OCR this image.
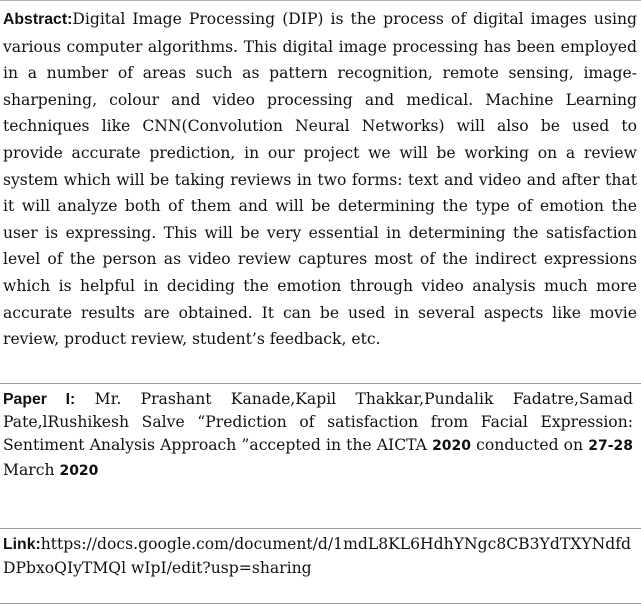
Abstract:Digital Image Processing (DIP) is the process of digital images using various computer algorithms. This digital image processing has been employed in a number of areas such as pattern recognition, remote sensing, image-sharpening, colour and video processing and medical. Machine Learning techniques like CNN(Convolution Neural Networks) will also be used to provide accurate prediction, in our project we will be working on a review system which will be taking reviews in two forms: text and video and after that it will analyze both of them and will be determining the type of emotion the user is expressing. This will be very essential in determining the satisfaction level of the person as video review captures most of the indirect expressions which is helpful in deciding the emotion through video analysis much more accurate results are obtained. It can be used in several aspects like movie review, product review, student’s feedback, etc.

Paper I: Mr. Prashant Kanade,Kapil Thakkar,Pundalik Fadatre,Samad Pate,lRushikesh Salve “Prediction of satisfaction from Facial Expression: Sentiment Analysis Approach ”accepted in the AICTA 2020 conducted on 27-28 March 2020

Link:https://docs.google.com/document/d/1mdL8KL6HdhYNgc8CB3YdTXYNdfdDPbxoQIyTMQl wIpI/edit?usp=sharing
